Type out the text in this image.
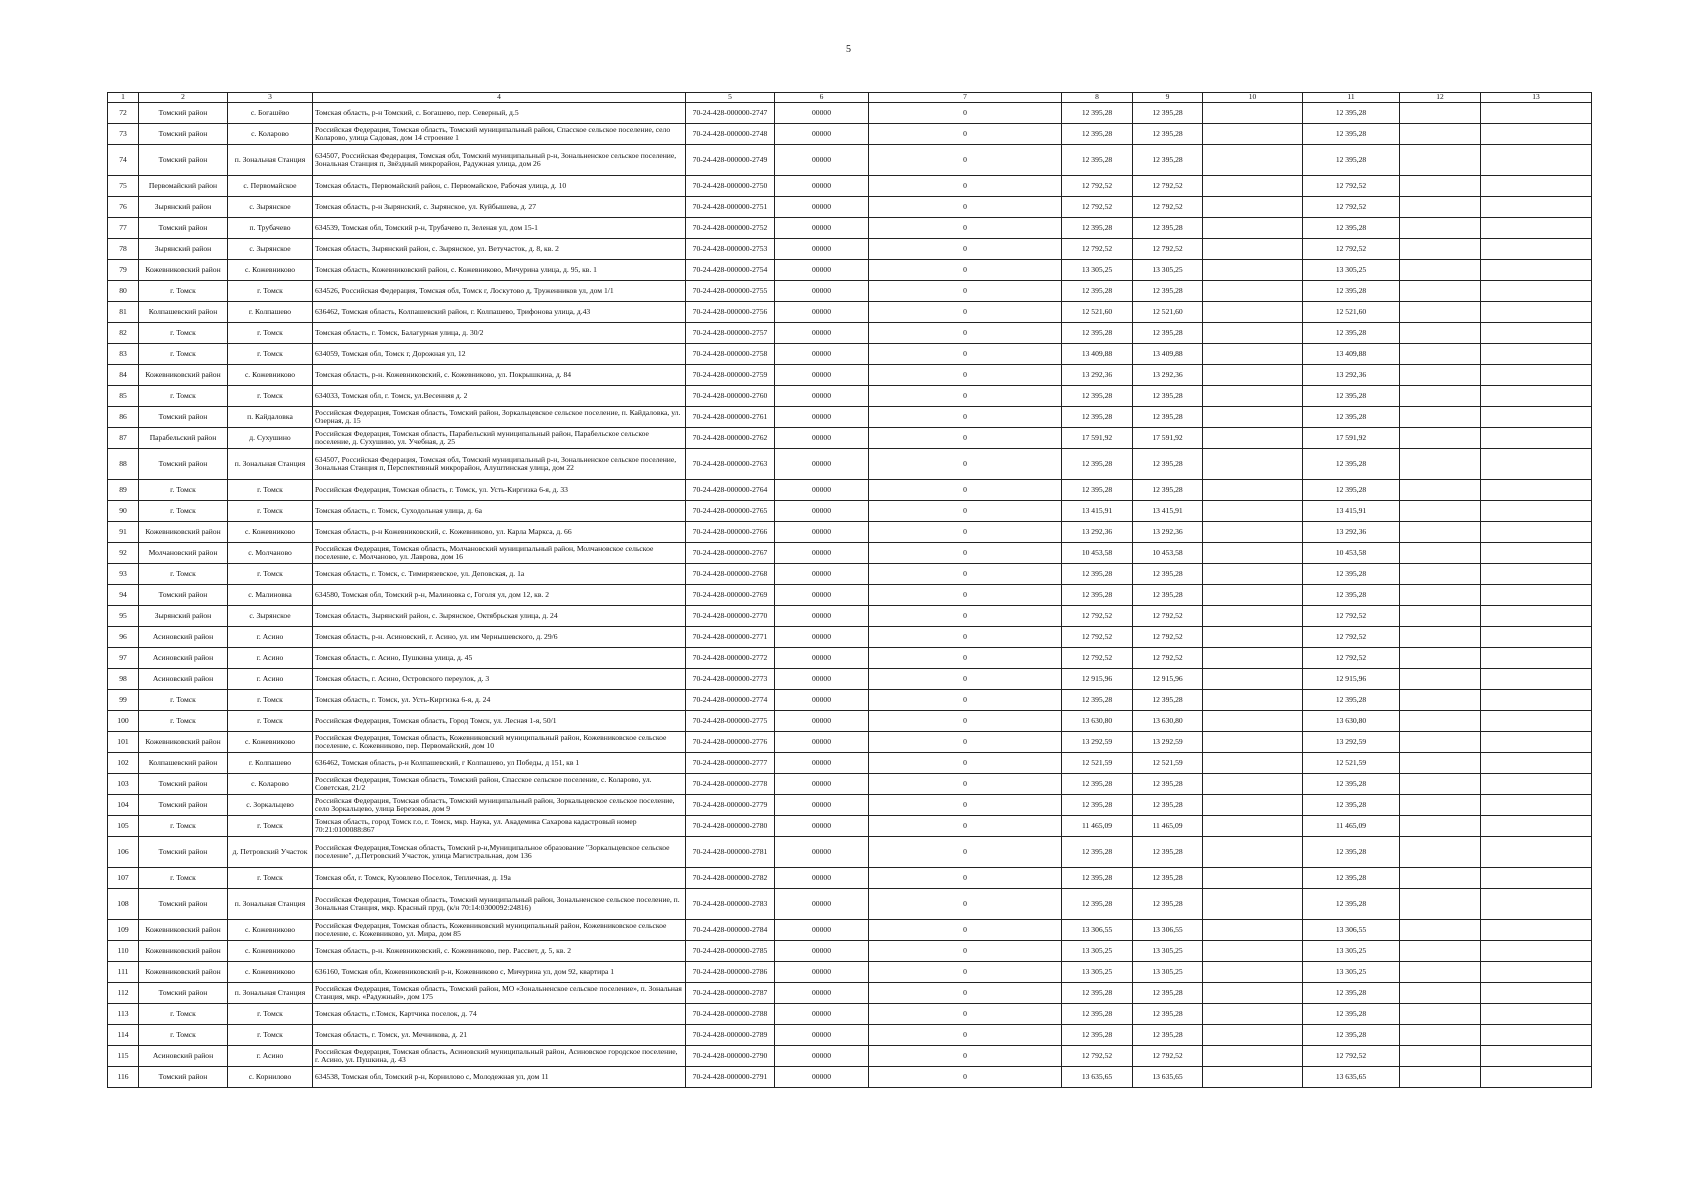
5
1	2	3	4	5	6	7	8	9	10	11	12	13
72	Томский район	с. Богашёво	Томская область, р-н Томский, с. Богашево, пер. Северный, д.5	70-24-428-000000-2747	00000	0	12 395,28	12 395,28		12 395,28		
73	Томский район	с. Коларово	Российская Федерация, Томская область, Томский муниципальный район, Спасское сельское поселение, село Коларово, улица Садовая, дом 14 строение 1	70-24-428-000000-2748	00000	0	12 395,28	12 395,28		12 395,28		
74	Томский район	п. Зональная Станция	634507, Российская Федерация, Томская обл, Томский муниципальный р-н, Зональненское сельское поселение, Зональная Станция п, Звёздный микрорайон, Радужная улица, дом 26	70-24-428-000000-2749	00000	0	12 395,28	12 395,28		12 395,28		
75	Первомайский район	с. Первомайское	Томская область, Первомайский район, с. Первомайское, Рабочая улица, д. 10	70-24-428-000000-2750	00000	0	12 792,52	12 792,52		12 792,52		
76	Зырянский район	с. Зырянское	Томская область, р-н Зырянский, с. Зырянское, ул. Куйбышева, д. 27	70-24-428-000000-2751	00000	0	12 792,52	12 792,52		12 792,52		
77	Томский район	п. Трубачево	634539, Томская обл, Томский р-н, Трубачево п, Зеленая ул, дом 15-1	70-24-428-000000-2752	00000	0	12 395,28	12 395,28		12 395,28		
78	Зырянский район	с. Зырянское	Томская область, Зырянский район, с. Зырянское, ул. Ветучасток, д. 8, кв. 2	70-24-428-000000-2753	00000	0	12 792,52	12 792,52		12 792,52		
79	Кожевниковский район	с. Кожевниково	Томская область, Кожевниковский район, с. Кожевниково, Мичурина улица, д. 95, кв. 1	70-24-428-000000-2754	00000	0	13 305,25	13 305,25		13 305,25		
80	г. Томск	г. Томск	634526, Российская Федерация, Томская обл, Томск г, Лоскутово д, Труженников ул, дом 1/1	70-24-428-000000-2755	00000	0	12 395,28	12 395,28		12 395,28		
81	Колпашевский район	г. Колпашево	636462, Томская область, Колпашевский район, г. Колпашево, Трифонова улица, д.43	70-24-428-000000-2756	00000	0	12 521,60	12 521,60		12 521,60		
82	г. Томск	г. Томск	Томская область, г. Томск, Балагурная улица, д. 30/2	70-24-428-000000-2757	00000	0	12 395,28	12 395,28		12 395,28		
83	г. Томск	г. Томск	634059, Томская обл, Томск г, Дорожная ул, 12	70-24-428-000000-2758	00000	0	13 409,88	13 409,88		13 409,88		
84	Кожевниковский район	с. Кожевниково	Томская область, р-н. Кожевниковский, с. Кожевниково, ул. Покрышкина, д. 84	70-24-428-000000-2759	00000	0	13 292,36	13 292,36		13 292,36		
85	г. Томск	г. Томск	634033, Томская обл, г. Томск, ул.Весенняя д. 2	70-24-428-000000-2760	00000	0	12 395,28	12 395,28		12 395,28		
86	Томский район	п. Кайдаловка	Российская Федерация, Томская область, Томский район, Зоркальцевское сельское поселение, п. Кайдаловка, ул. Озерная, д. 15	70-24-428-000000-2761	00000	0	12 395,28	12 395,28		12 395,28		
87	Парабельский район	д. Сухушино	Российская Федерация, Томская область, Парабельский муниципальный район, Парабельское сельское поселение, д. Сухушино, ул. Учебная, д. 25	70-24-428-000000-2762	00000	0	17 591,92	17 591,92		17 591,92		
88	Томский район	п. Зональная Станция	634507, Российская Федерация, Томская обл, Томский муниципальный р-н, Зональненское сельское поселение, Зональная Станция п, Перспективный микрорайон, Алуштинская улица, дом 22	70-24-428-000000-2763	00000	0	12 395,28	12 395,28		12 395,28		
89	г. Томск	г. Томск	Российская Федерация, Томская область, г. Томск, ул. Усть-Киргизка 6-я, д. 33	70-24-428-000000-2764	00000	0	12 395,28	12 395,28		12 395,28		
90	г. Томск	г. Томск	Томская область, г. Томск, Суходольная улица, д. 6а	70-24-428-000000-2765	00000	0	13 415,91	13 415,91		13 415,91		
91	Кожевниковский район	с. Кожевниково	Томская область, р-н Кожевниковский, с. Кожевниково, ул. Карла Маркса, д. 66	70-24-428-000000-2766	00000	0	13 292,36	13 292,36		13 292,36		
92	Молчановский район	с. Молчаново	Российская Федерация, Томская область, Молчановский муниципальный район, Молчановское сельское поселение, с. Молчаново, ул. Лаврова, дом 16	70-24-428-000000-2767	00000	0	10 453,58	10 453,58		10 453,58		
93	г. Томск	г. Томск	Томская область, г. Томск, с. Тимирязевское, ул. Деповская, д. 1а	70-24-428-000000-2768	00000	0	12 395,28	12 395,28		12 395,28		
94	Томский район	с. Малиновка	634580, Томская обл, Томский р-н, Малиновка с, Гоголя ул, дом 12, кв. 2	70-24-428-000000-2769	00000	0	12 395,28	12 395,28		12 395,28		
95	Зырянский район	с. Зырянское	Томская область, Зырянский район, с. Зырянское, Октябрьская улица, д. 24	70-24-428-000000-2770	00000	0	12 792,52	12 792,52		12 792,52		
96	Асиновский район	г. Асино	Томская область, р-н. Асиновский, г. Асино, ул. им Чернышевского, д. 29/6	70-24-428-000000-2771	00000	0	12 792,52	12 792,52		12 792,52		
97	Асиновский район	г. Асино	Томская область, г. Асино, Пушкина улица, д. 45	70-24-428-000000-2772	00000	0	12 792,52	12 792,52		12 792,52		
98	Асиновский район	г. Асино	Томская область, г. Асино, Островского переулок, д. 3	70-24-428-000000-2773	00000	0	12 915,96	12 915,96		12 915,96		
99	г. Томск	г. Томск	Томская область, г. Томск, ул. Усть-Киргизка 6-я, д. 24	70-24-428-000000-2774	00000	0	12 395,28	12 395,28		12 395,28		
100	г. Томск	г. Томск	Российская Федерация, Томская область, Город Томск, ул. Лесная 1-я, 50/1	70-24-428-000000-2775	00000	0	13 630,80	13 630,80		13 630,80		
101	Кожевниковский район	с. Кожевниково	Российская Федерация, Томская область, Кожевниковский муниципальный район, Кожевниковское сельское поселение, с. Кожевниково, пер. Первомайский, дом 10	70-24-428-000000-2776	00000	0	13 292,59	13 292,59		13 292,59		
102	Колпашевский район	г. Колпашево	636462, Томская область, р-н Колпашевский, г Колпашево, ул Победы, д 151, кв 1	70-24-428-000000-2777	00000	0	12 521,59	12 521,59		12 521,59		
103	Томский район	с. Коларово	Российская Федерация, Томская область, Томский район, Спасское сельское поселение, с. Коларово, ул. Советская, 21/2	70-24-428-000000-2778	00000	0	12 395,28	12 395,28		12 395,28		
104	Томский район	с. Зоркальцево	Российская Федерация, Томская область, Томский муниципальный район, Зоркальцевское сельское поселение, село Зоркальцево, улица Березовая, дом 9	70-24-428-000000-2779	00000	0	12 395,28	12 395,28		12 395,28		
105	г. Томск	г. Томск	Томская область, город Томск г.о, г. Томск, мкр. Наука, ул. Академика Сахарова кадастровый номер 70:21:0100088:867	70-24-428-000000-2780	00000	0	11 465,09	11 465,09		11 465,09		
106	Томский район	д. Петровский Участок	Российская Федерация,Томская область, Томский р-н,Муниципальное образование "Зоркальцевское сельское поселение", д.Петровский Участок, улица Магистральная, дом 136	70-24-428-000000-2781	00000	0	12 395,28	12 395,28		12 395,28		
107	г. Томск	г. Томск	Томская обл, г. Томск, Кузовлево Поселок, Тепличная, д. 19а	70-24-428-000000-2782	00000	0	12 395,28	12 395,28		12 395,28		
108	Томский район	п. Зональная Станция	Российская Федерация, Томская область, Томский муниципальный район, Зональненское сельское поселение, п. Зональная Станция, мкр. Красный пруд, (к/н 70:14:0300092:24816)	70-24-428-000000-2783	00000	0	12 395,28	12 395,28		12 395,28		
109	Кожевниковский район	с. Кожевниково	Российская Федерация, Томская область, Кожевниковский муниципальный район, Кожевниковское сельское поселение, с. Кожевниково, ул. Мира, дом 85	70-24-428-000000-2784	00000	0	13 306,55	13 306,55		13 306,55		
110	Кожевниковский район	с. Кожевниково	Томская область, р-н. Кожевниковский, с. Кожевниково, пер. Рассвет, д. 5, кв. 2	70-24-428-000000-2785	00000	0	13 305,25	13 305,25		13 305,25		
111	Кожевниковский район	с. Кожевниково	636160, Томская обл, Кожевниковский р-н, Кожевниково с, Мичурина ул, дом 92, квартира 1	70-24-428-000000-2786	00000	0	13 305,25	13 305,25		13 305,25		
112	Томский район	п. Зональная Станция	Российская Федерация, Томская область, Томский район, МО «Зональненское сельское поселение», п. Зональная Станция, мкр. «Радужный», дом 175	70-24-428-000000-2787	00000	0	12 395,28	12 395,28		12 395,28		
113	г. Томск	г. Томск	Томская область, г.Томск, Картчика поселок, д. 74	70-24-428-000000-2788	00000	0	12 395,28	12 395,28		12 395,28		
114	г. Томск	г. Томск	Томская область, г. Томск, ул. Мечникова, д. 21	70-24-428-000000-2789	00000	0	12 395,28	12 395,28		12 395,28		
115	Асиновский район	г. Асино	Российская Федерация, Томская область, Асиновский муниципальный район, Асиновское городское поселение, г. Асино, ул. Пушкина, д. 43	70-24-428-000000-2790	00000	0	12 792,52	12 792,52		12 792,52		
116	Томский район	с. Корнилово	634538, Томская обл, Томский р-н, Корнилово с, Молодежная ул, дом 11	70-24-428-000000-2791	00000	0	13 635,65	13 635,65		13 635,65		
